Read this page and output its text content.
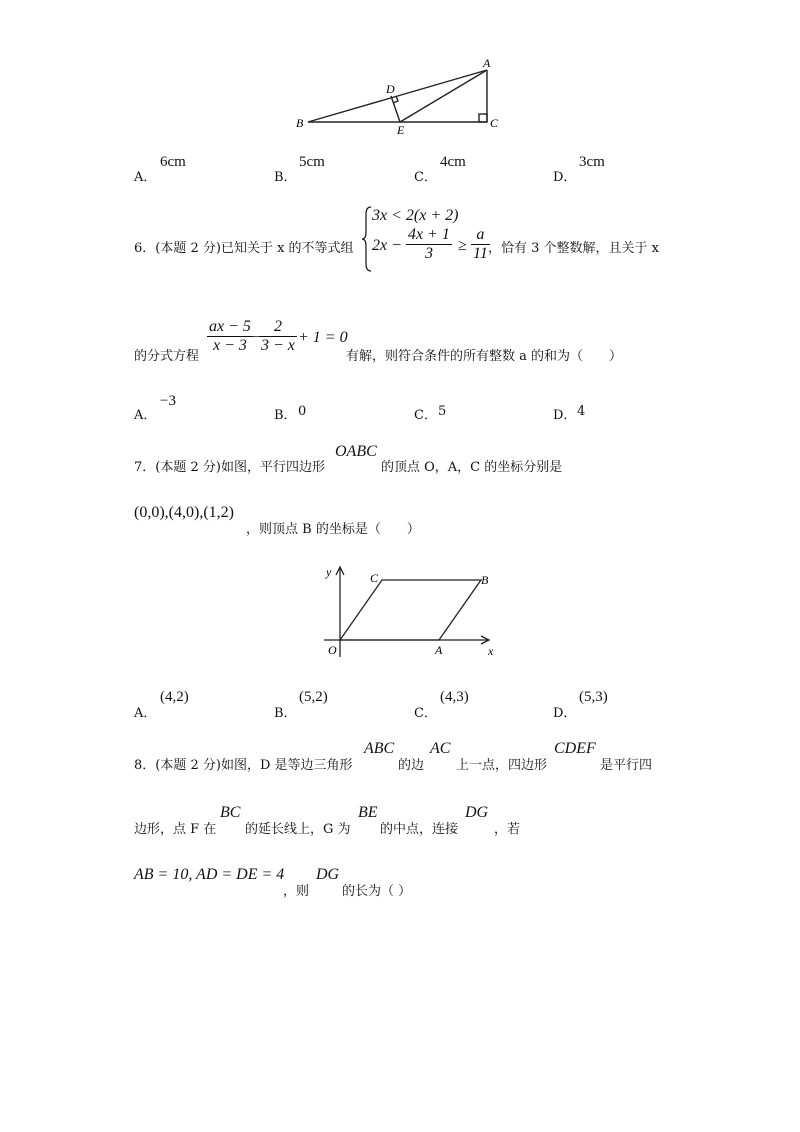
A
B	C
D
E
A．
6cm
B．
5cm
C．
4cm
D．
3cm
6．(本题 2 分)已知关于 x 的不等式组
3x < 2(x + 2)
$2x - \frac{4x + 1}{3} \ge \frac{a}{11}$
，恰有 3 个整数解，且关于 x
的分式方程
$\frac{ax - 5}{x - 3}$
−
$\frac{2}{3 - x} + 1 = 0$
有解，则符合条件的所有整数 a 的和为（　　）
A．
−3
B． 0	C． 5	D． 4
7．(本题 2 分)如图，平行四边形
OABC
的顶点 O，A，C 的坐标分别是
(0,0),(4,0),(1,2)
，则顶点 B 的坐标是（　　）
y
x
O	A
B
C
A．
(4,2)
B．
(5,2)
C．
(4,3)
D．
(5,3)
8．(本题 2 分)如图，D 是等边三角形
ABC
的边
AC
上一点，四边形
CDEF
是平行四
边形，点 F 在
BC
的延长线上，G 为
BE
的中点，连接
DG
，若
AB = 10, AD = DE = 4
，则
DG
的长为（ ）
